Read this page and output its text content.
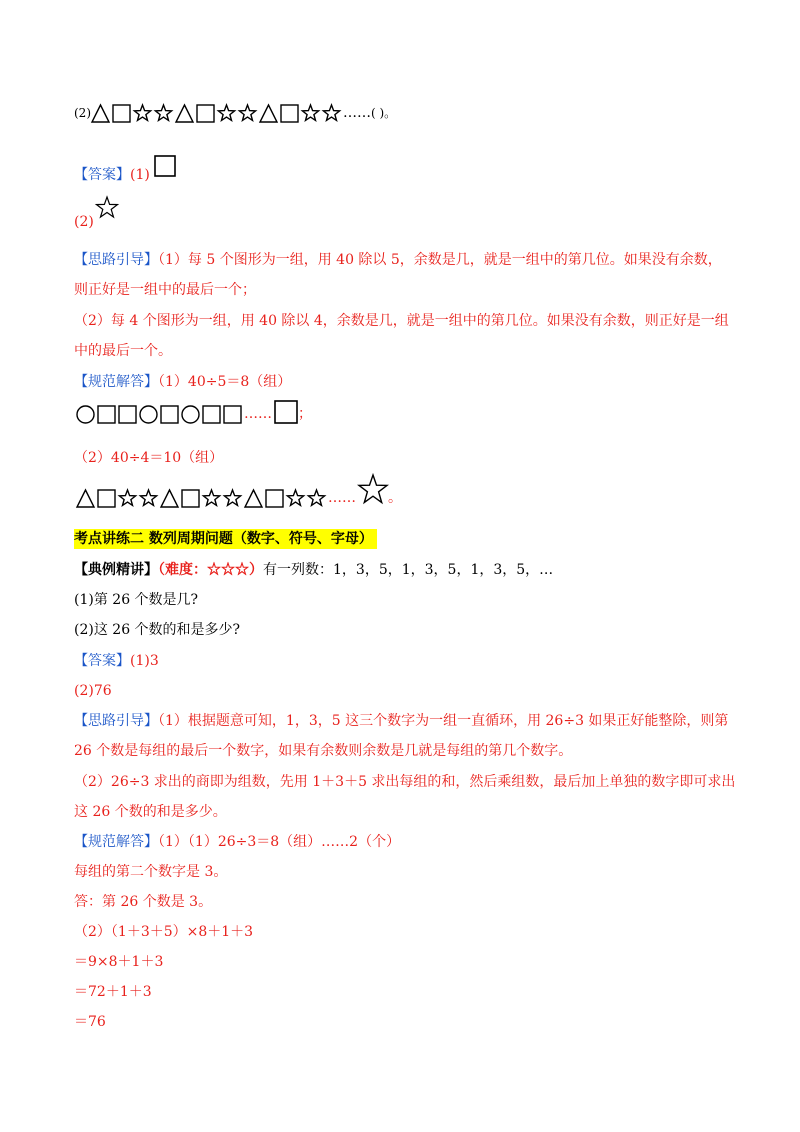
(2)	……( )。
【答案】(1)
(2)
【思路引导】（1）每 5 个图形为一组，用 40 除以 5，余数是几，就是一组中的第几位。如果没有余数，
则正好是一组中的最后一个；
（2）每 4 个图形为一组，用 40 除以 4，余数是几，就是一组中的第几位。如果没有余数，则正好是一组
中的最后一个。
【规范解答】（1）40÷5＝8（组）
…… ；
（2）40÷4＝10（组）
…… 。
考点讲练二 数列周期问题（数字、符号、字母）
【典例精讲】（难度：☆☆☆）有一列数：1，3，5，1，3，5，1，3，5，…
(1)第 26 个数是几?
(2)这 26 个数的和是多少?
【答案】(1)3
(2)76
【思路引导】（1）根据题意可知，1，3，5 这三个数字为一组一直循环，用 26÷3 如果正好能整除，则第
26 个数是每组的最后一个数字，如果有余数则余数是几就是每组的第几个数字。
（2）26÷3 求出的商即为组数，先用 1＋3＋5 求出每组的和，然后乘组数，最后加上单独的数字即可求出
这 26 个数的和是多少。
【规范解答】（1）（1）26÷3＝8（组）……2（个）
每组的第二个数字是 3。
答：第 26 个数是 3。
（2）（1＋3＋5）×8＋1＋3
＝9×8＋1＋3
＝72＋1＋3
＝76
